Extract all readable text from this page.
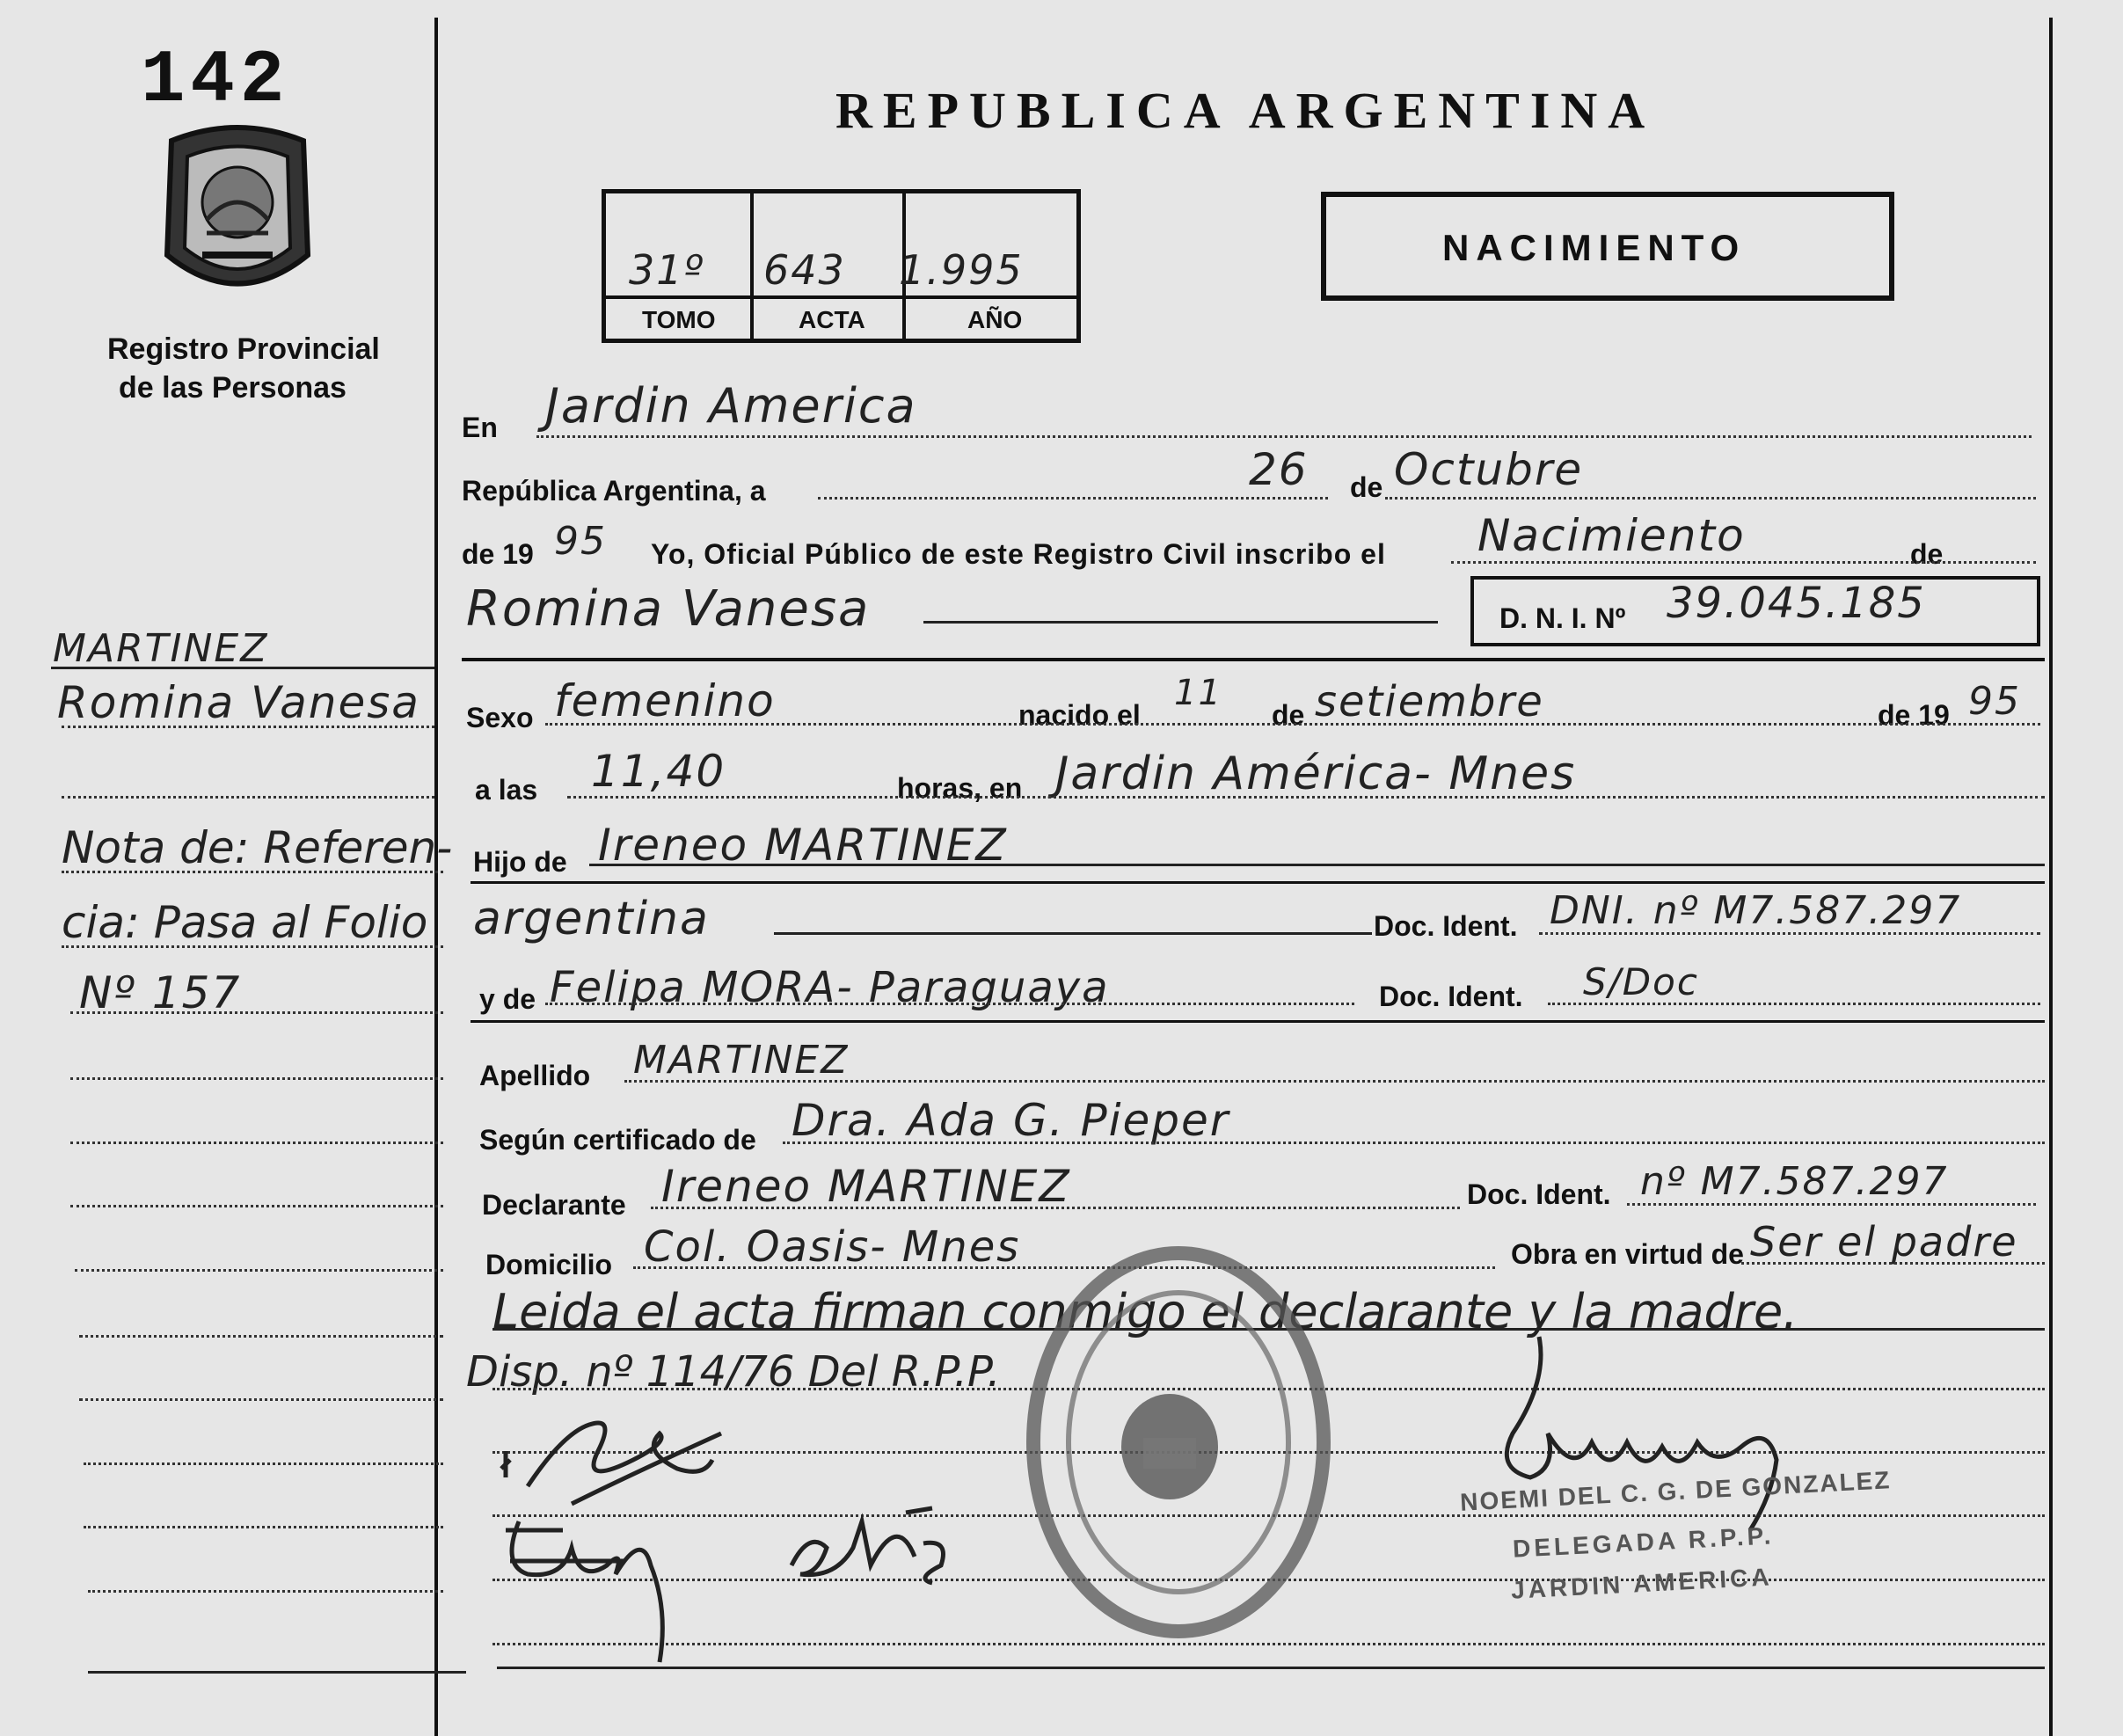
142
Registro Provincial
de las Personas
REPUBLICA ARGENTINA
31º 643 1.995
TOMO	ACTA	AÑO
NACIMIENTO
MARTINEZ
Romina Vanesa
Nota de: Referen-
cia: Pasa al Folio
Nº 157
En Jardin America
República Argentina, a	26 de Octubre
de 19 95 Yo, Oficial Público de este Registro Civil inscribo el Nacimiento	de
Romina Vanesa	D. N. I. Nº 39.045.185
Sexo femenino	nacido el
11
de setiembre	de 19 95
a las 11,40	horas, en Jardin América- Mnes
Hijo de Ireneo MARTINEZ
argentina	Doc. Ident. DNI. nº M7.587.297
y de Felipa MORA- Paraguaya	Doc. Ident. S/Doc
Apellido MARTINEZ
Según certificado de Dra. Ada G. Pieper
Declarante Ireneo MARTINEZ	Doc. Ident. nº M7.587.297
Domicilio Col. Oasis- Mnes	Obra en virtud de Ser el padre
Leida el acta firman conmigo el declarante y la madre.
Disp. nº 114/76 Del R.P.P.
NOEMI DEL C. G. DE GONZALEZ
DELEGADA R.P.P.
JARDIN AMERICA
